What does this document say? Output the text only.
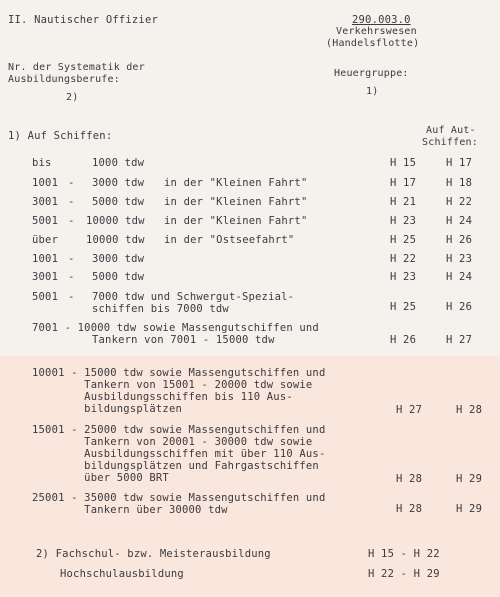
II. Nautischer Offizier	290.003.0
Verkehrswesen
(Handelsflotte)
Nr. der Systematik der
Ausbildungsberufe:
2)
Heuergruppe:
1)
1) Auf Schiffen:	Auf Aut-
Schiffen:
bis	1000 tdw	H 15	H 17
1001 - 3000 tdw in der "Kleinen Fahrt"	H 17	H 18
3001 - 5000 tdw in der "Kleinen Fahrt"	H 21	H 22
5001 - 10000 tdw in der "Kleinen Fahrt"	H 23	H 24
über	10000 tdw in der "Ostseefahrt"	H 25	H 26
1001 - 3000 tdw	H 22	H 23
3001 - 5000 tdw	H 23	H 24
5001 - 7000 tdw und Schwergut-Spezial-
schiffen bis 7000 tdw	H 25	H 26
7001 - 10000 tdw sowie Massengutschiffen und
Tankern von 7001 - 15000 tdw	H 26	H 27
10001 - 15000 tdw sowie Massengutschiffen und
Tankern von 15001 - 20000 tdw sowie
Ausbildungsschiffen bis 110 Aus-
bildungsplätzen	H 27	H 28
15001 - 25000 tdw sowie Massengutschiffen und
Tankern von 20001 - 30000 tdw sowie
Ausbildungsschiffen mit über 110 Aus-
bildungsplätzen und Fahrgastschiffen
über 5000 BRT	H 28	H 29
25001 - 35000 tdw sowie Massengutschiffen und
Tankern über 30000 tdw	H 28	H 29
2) Fachschul- bzw. Meisterausbildung	H 15 - H 22
Hochschulausbildung	H 22 - H 29
